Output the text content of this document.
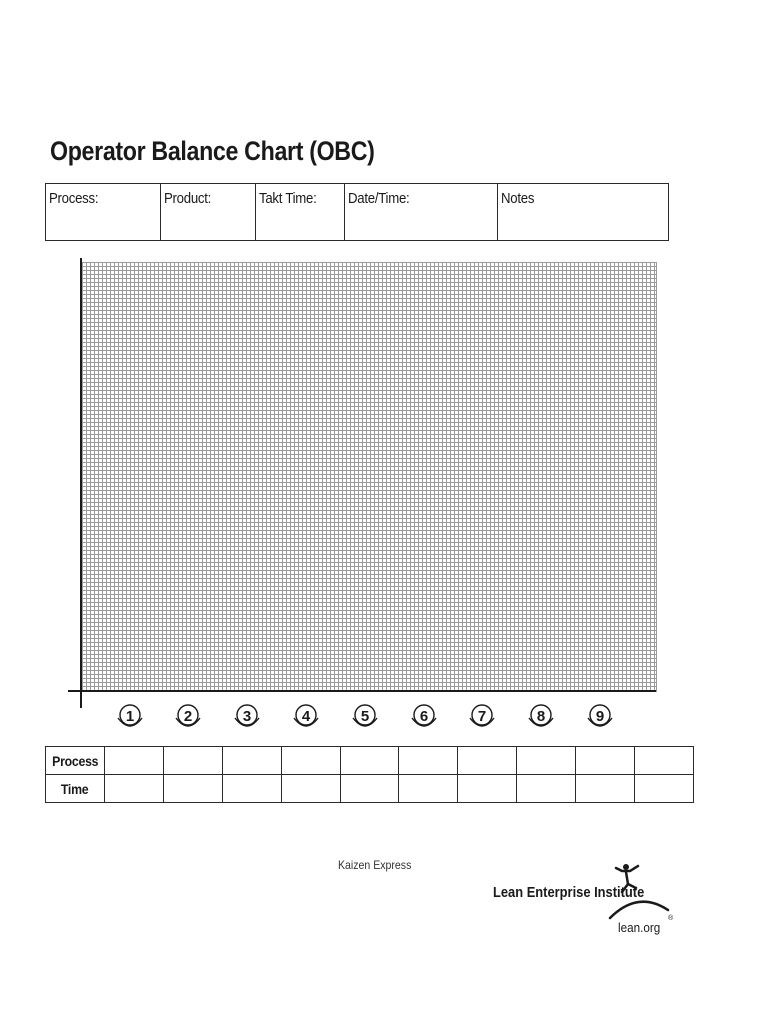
Operator Balance Chart (OBC)
Process:	Product:	Takt Time:	Date/Time:	Notes
1	2	3	4	5	6	7	8	9
Process										
Time										
Kaizen Express
®
Lean Enterprise Institute
lean.org
